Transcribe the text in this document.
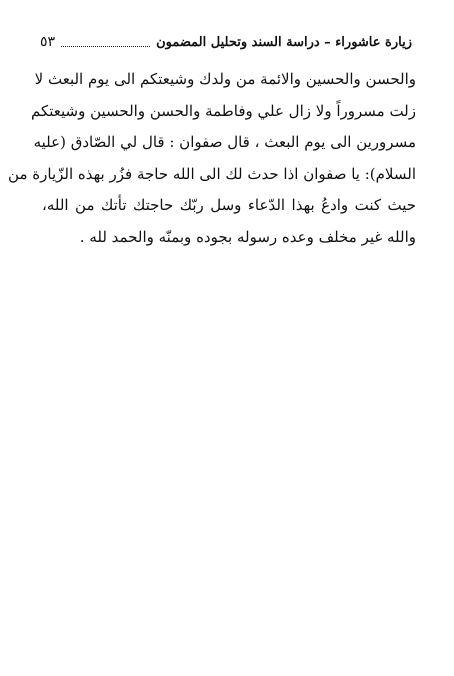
زيارة عاشوراء – دراسة السند وتحليل المضمون
٥٣
والحسن والحسين والائمة من ولدك وشيعتكم الى يوم البعث لا
زلت مسروراً ولا زال علي وفاطمة والحسن والحسين وشيعتكم
مسرورين الى يوم البعث ، قال صفوان : قال لي الصّادق (عليه
السلام): يا صفوان اذا حدث لك الى الله حاجة فزُر بهذه الزّيارة من
حيث كنت وادعُ بهذا الدّعاء وسل ربّك حاجتك تأتك من الله،
والله غير مخلف وعده رسوله بجوده وبمنّه والحمد لله .
